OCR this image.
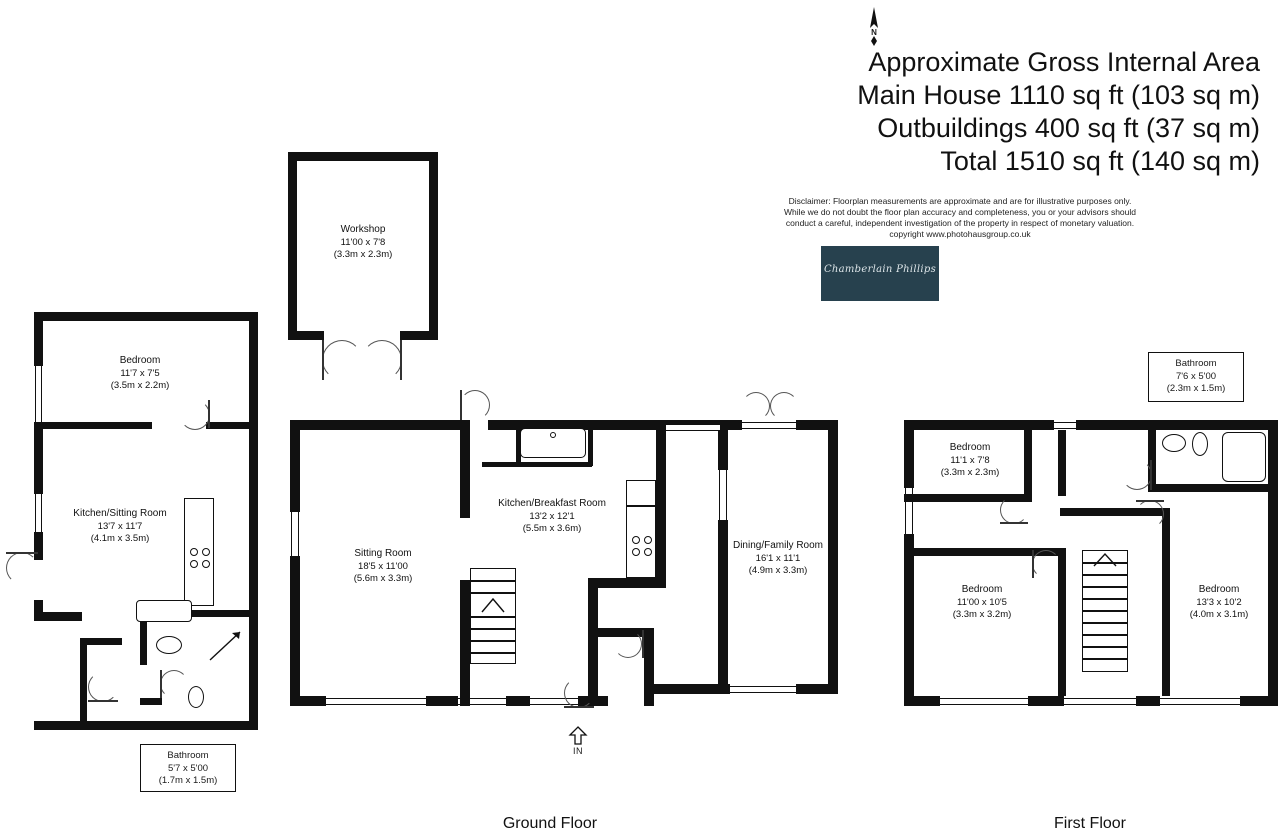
N
Approximate Gross Internal Area
Main House 1110 sq ft (103 sq m)
Outbuildings 400 sq ft (37 sq m)
Total 1510 sq ft (140 sq m)
Disclaimer: Floorplan measurements are approximate and are for illustrative purposes only.
While we do not doubt the floor plan accuracy and completeness, you or your advisors should
conduct a careful, independent investigation of the property in respect of monetary valuation.
copyright www.photohausgroup.co.uk
Chamberlain Phillips
Bedroom
11'7 x 7'5
(3.5m x 2.2m)
Kitchen/Sitting Room
13'7 x 11'7
(4.1m x 3.5m)
Bathroom
5'7 x 5'00
(1.7m x 1.5m)
Workshop
11'00 x 7'8
(3.3m x 2.3m)
Sitting Room
18'5 x 11'00
(5.6m x 3.3m)
Kitchen/Breakfast Room
13'2 x 12'1
(5.5m x 3.6m)
Dining/Family Room
16'1 x 11'1
(4.9m x 3.3m)
IN
Bedroom
11'1 x 7'8
(3.3m x 2.3m)
Bedroom
11'00 x 10'5
(3.3m x 3.2m)
Bedroom
13'3 x 10'2
(4.0m x 3.1m)
Bathroom
7'6 x 5'00
(2.3m x 1.5m)
Ground Floor	First Floor
